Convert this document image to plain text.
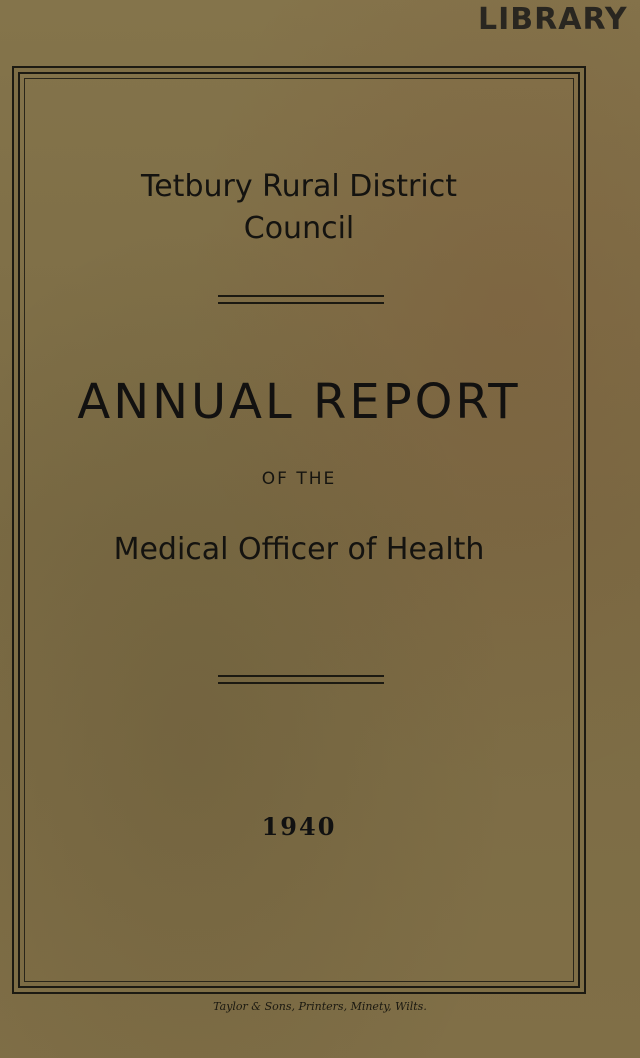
LIBRARY
Tetbury Rural District
Council
ANNUAL REPORT
OF THE
Medical Officer of Health
1940
Taylor & Sons, Printers, Minety, Wilts.
